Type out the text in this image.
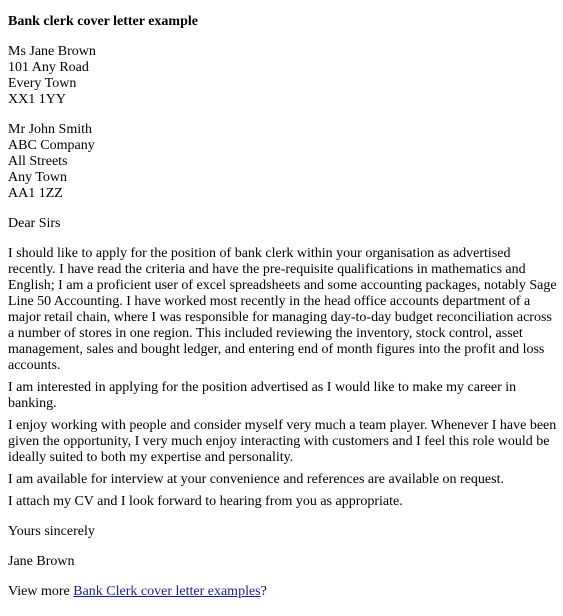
Bank clerk cover letter example
Ms Jane Brown
101 Any Road
Every Town
XX1 1YY
Mr John Smith
ABC Company
All Streets
Any Town
AA1 1ZZ
Dear Sirs

I should like to apply for the position of bank clerk within your organisation as advertised recently. I have read the criteria and have the pre-requisite qualifications in mathematics and English; I am a proficient user of excel spreadsheets and some accounting packages, notably Sage Line 50 Accounting. I have worked most recently in the head office accounts department of a major retail chain, where I was responsible for managing day-to-day budget reconciliation across a number of stores in one region. This included reviewing the inventory, stock control, asset management, sales and bought ledger, and entering end of month figures into the profit and loss accounts.

I am interested in applying for the position advertised as I would like to make my career in banking.

I enjoy working with people and consider myself very much a team player. Whenever I have been given the opportunity, I very much enjoy interacting with customers and I feel this role would be ideally suited to both my expertise and personality.

I am available for interview at your convenience and references are available on request.

I attach my CV and I look forward to hearing from you as appropriate.

Yours sincerely
Jane Brown
View more Bank Clerk cover letter examples?
